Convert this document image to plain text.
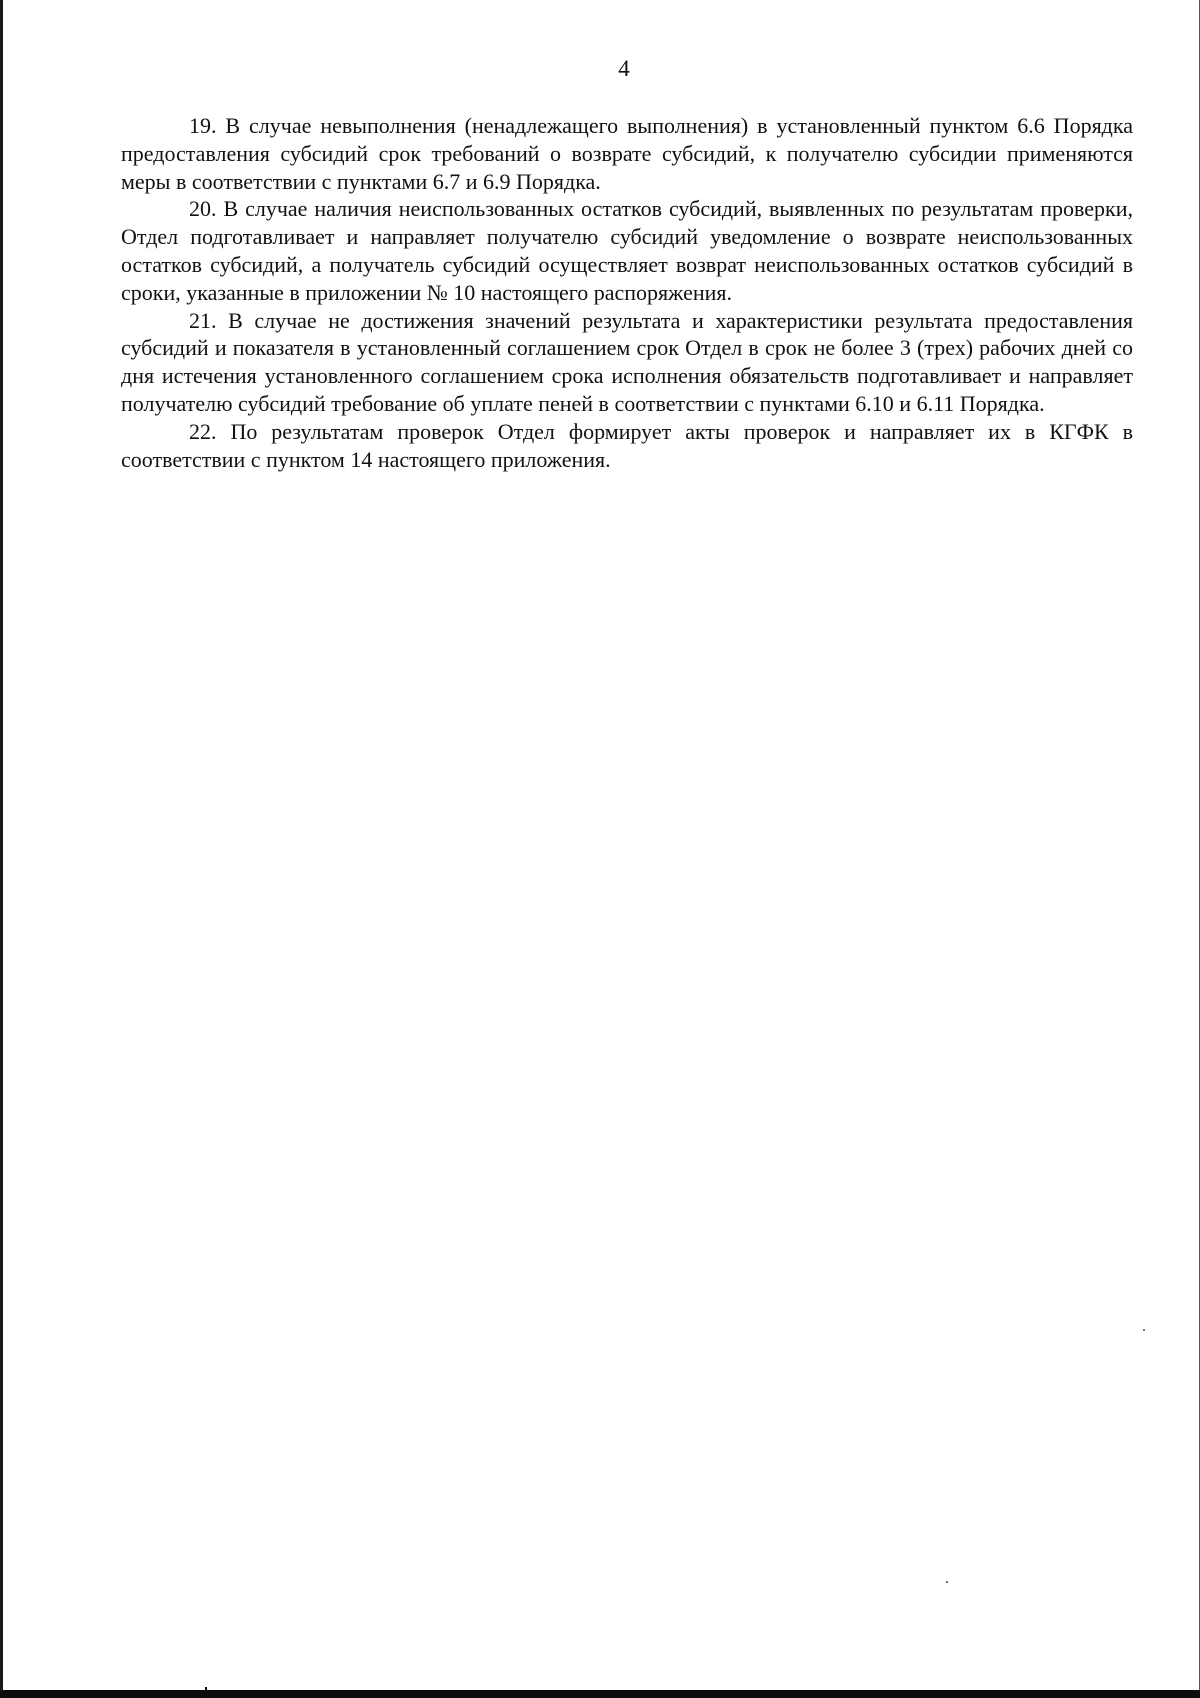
4

19. В случае невыполнения (ненадлежащего выполнения) в установленный пунктом 6.6 Порядка предоставления субсидий срок требований о возврате субсидий, к получателю субсидии применяются меры в соответствии с пунктами 6.7 и 6.9 Порядка.

20. В случае наличия неиспользованных остатков субсидий, выявленных по результатам проверки, Отдел подготавливает и направляет получателю субсидий уведомление о возврате неиспользованных остатков субсидий, а получатель субсидий осуществляет возврат неиспользованных остатков субсидий в сроки, указанные в приложении № 10 настоящего распоряжения.

21. В случае не достижения значений результата и характеристики результата предоставления субсидий и показателя в установленный соглашением срок Отдел в срок не более 3 (трех) рабочих дней со дня истечения установленного соглашением срока исполнения обязательств подготавливает и направляет получателю субсидий требование об уплате пеней в соответствии с пунктами 6.10 и 6.11 Порядка.

22. По результатам проверок Отдел формирует акты проверок и направляет их в КГФК в соответствии с пунктом 14 настоящего приложения.
